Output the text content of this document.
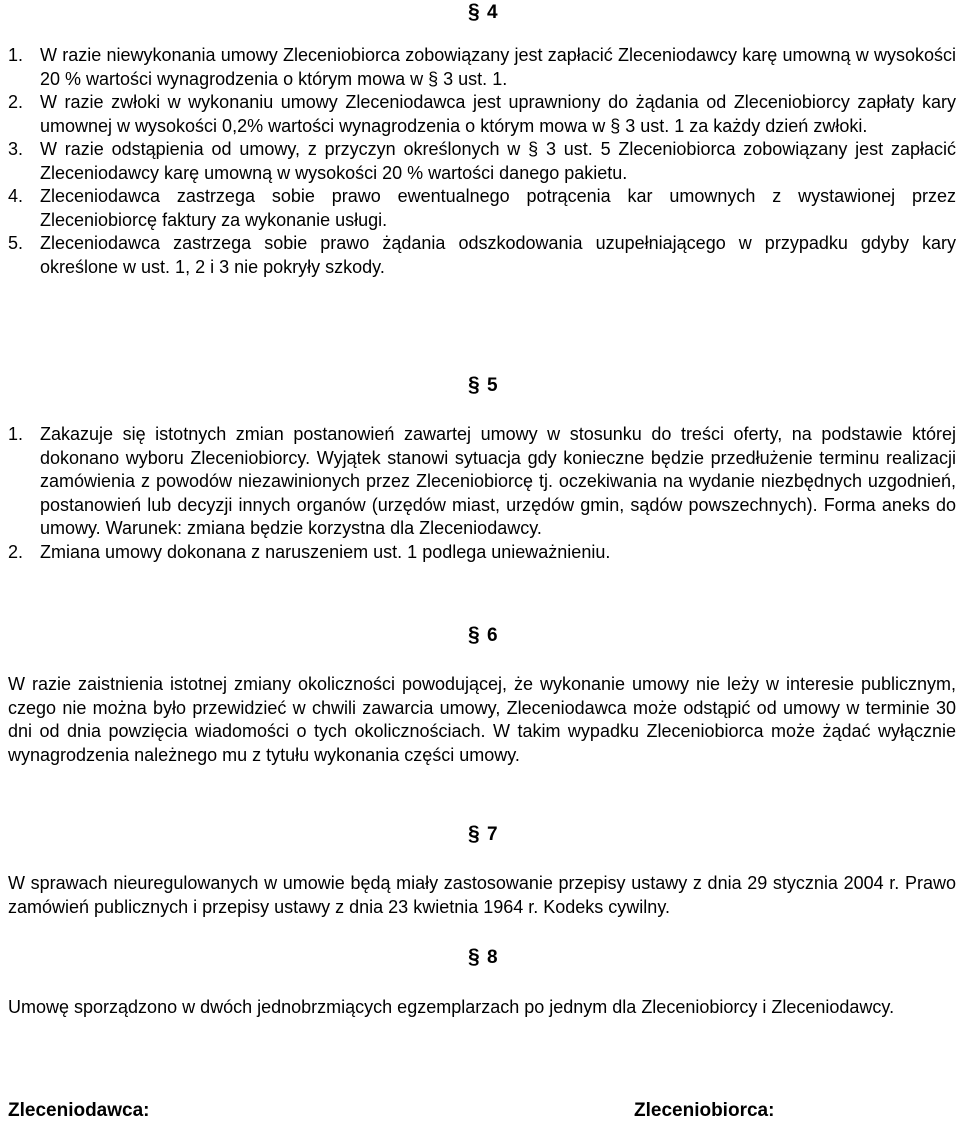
§ 4
1. W razie niewykonania umowy Zleceniobiorca zobowiązany jest zapłacić Zleceniodawcy karę umowną w wysokości 20 % wartości wynagrodzenia o którym mowa w § 3 ust. 1.
2. W razie zwłoki w wykonaniu umowy Zleceniodawca jest uprawniony do żądania od Zleceniobiorcy zapłaty kary umownej w wysokości 0,2% wartości wynagrodzenia o którym mowa w § 3 ust. 1 za każdy dzień zwłoki.
3. W razie odstąpienia od umowy, z przyczyn określonych w § 3 ust. 5 Zleceniobiorca zobowiązany jest zapłacić Zleceniodawcy karę umowną w wysokości 20 % wartości danego pakietu.
4. Zleceniodawca zastrzega sobie prawo ewentualnego potrącenia kar umownych z wystawionej przez Zleceniobiorcę faktury za wykonanie usługi.
5. Zleceniodawca zastrzega sobie prawo żądania odszkodowania uzupełniającego w przypadku gdyby kary określone w ust. 1, 2 i 3 nie pokryły szkody.
§ 5
1. Zakazuje się istotnych zmian postanowień zawartej umowy w stosunku do treści oferty, na podstawie której dokonano wyboru Zleceniobiorcy. Wyjątek stanowi sytuacja gdy konieczne będzie przedłużenie terminu realizacji zamówienia z powodów niezawinionych przez Zleceniobiorcę tj. oczekiwania na wydanie niezbędnych uzgodnień, postanowień lub decyzji innych organów (urzędów miast, urzędów gmin, sądów powszechnych). Forma aneks do umowy. Warunek: zmiana będzie korzystna dla Zleceniodawcy.
2. Zmiana umowy dokonana z naruszeniem ust. 1 podlega unieważnieniu.
§ 6

W razie zaistnienia istotnej zmiany okoliczności powodującej, że wykonanie umowy nie leży w interesie publicznym, czego nie można było przewidzieć w chwili zawarcia umowy, Zleceniodawca może odstąpić od umowy w terminie 30 dni od dnia powzięcia wiadomości o tych okolicznościach. W takim wypadku Zleceniobiorca może żądać wyłącznie wynagrodzenia należnego mu z tytułu wykonania części umowy.

§ 7

W sprawach nieuregulowanych w umowie będą miały zastosowanie przepisy ustawy z dnia 29 stycznia 2004 r. Prawo zamówień publicznych i przepisy ustawy z dnia 23 kwietnia 1964 r. Kodeks cywilny.

§ 8

Umowę sporządzono w dwóch jednobrzmiących egzemplarzach po jednym dla Zleceniobiorcy i Zleceniodawcy.

Zleceniodawca:	Zleceniobiorca:
